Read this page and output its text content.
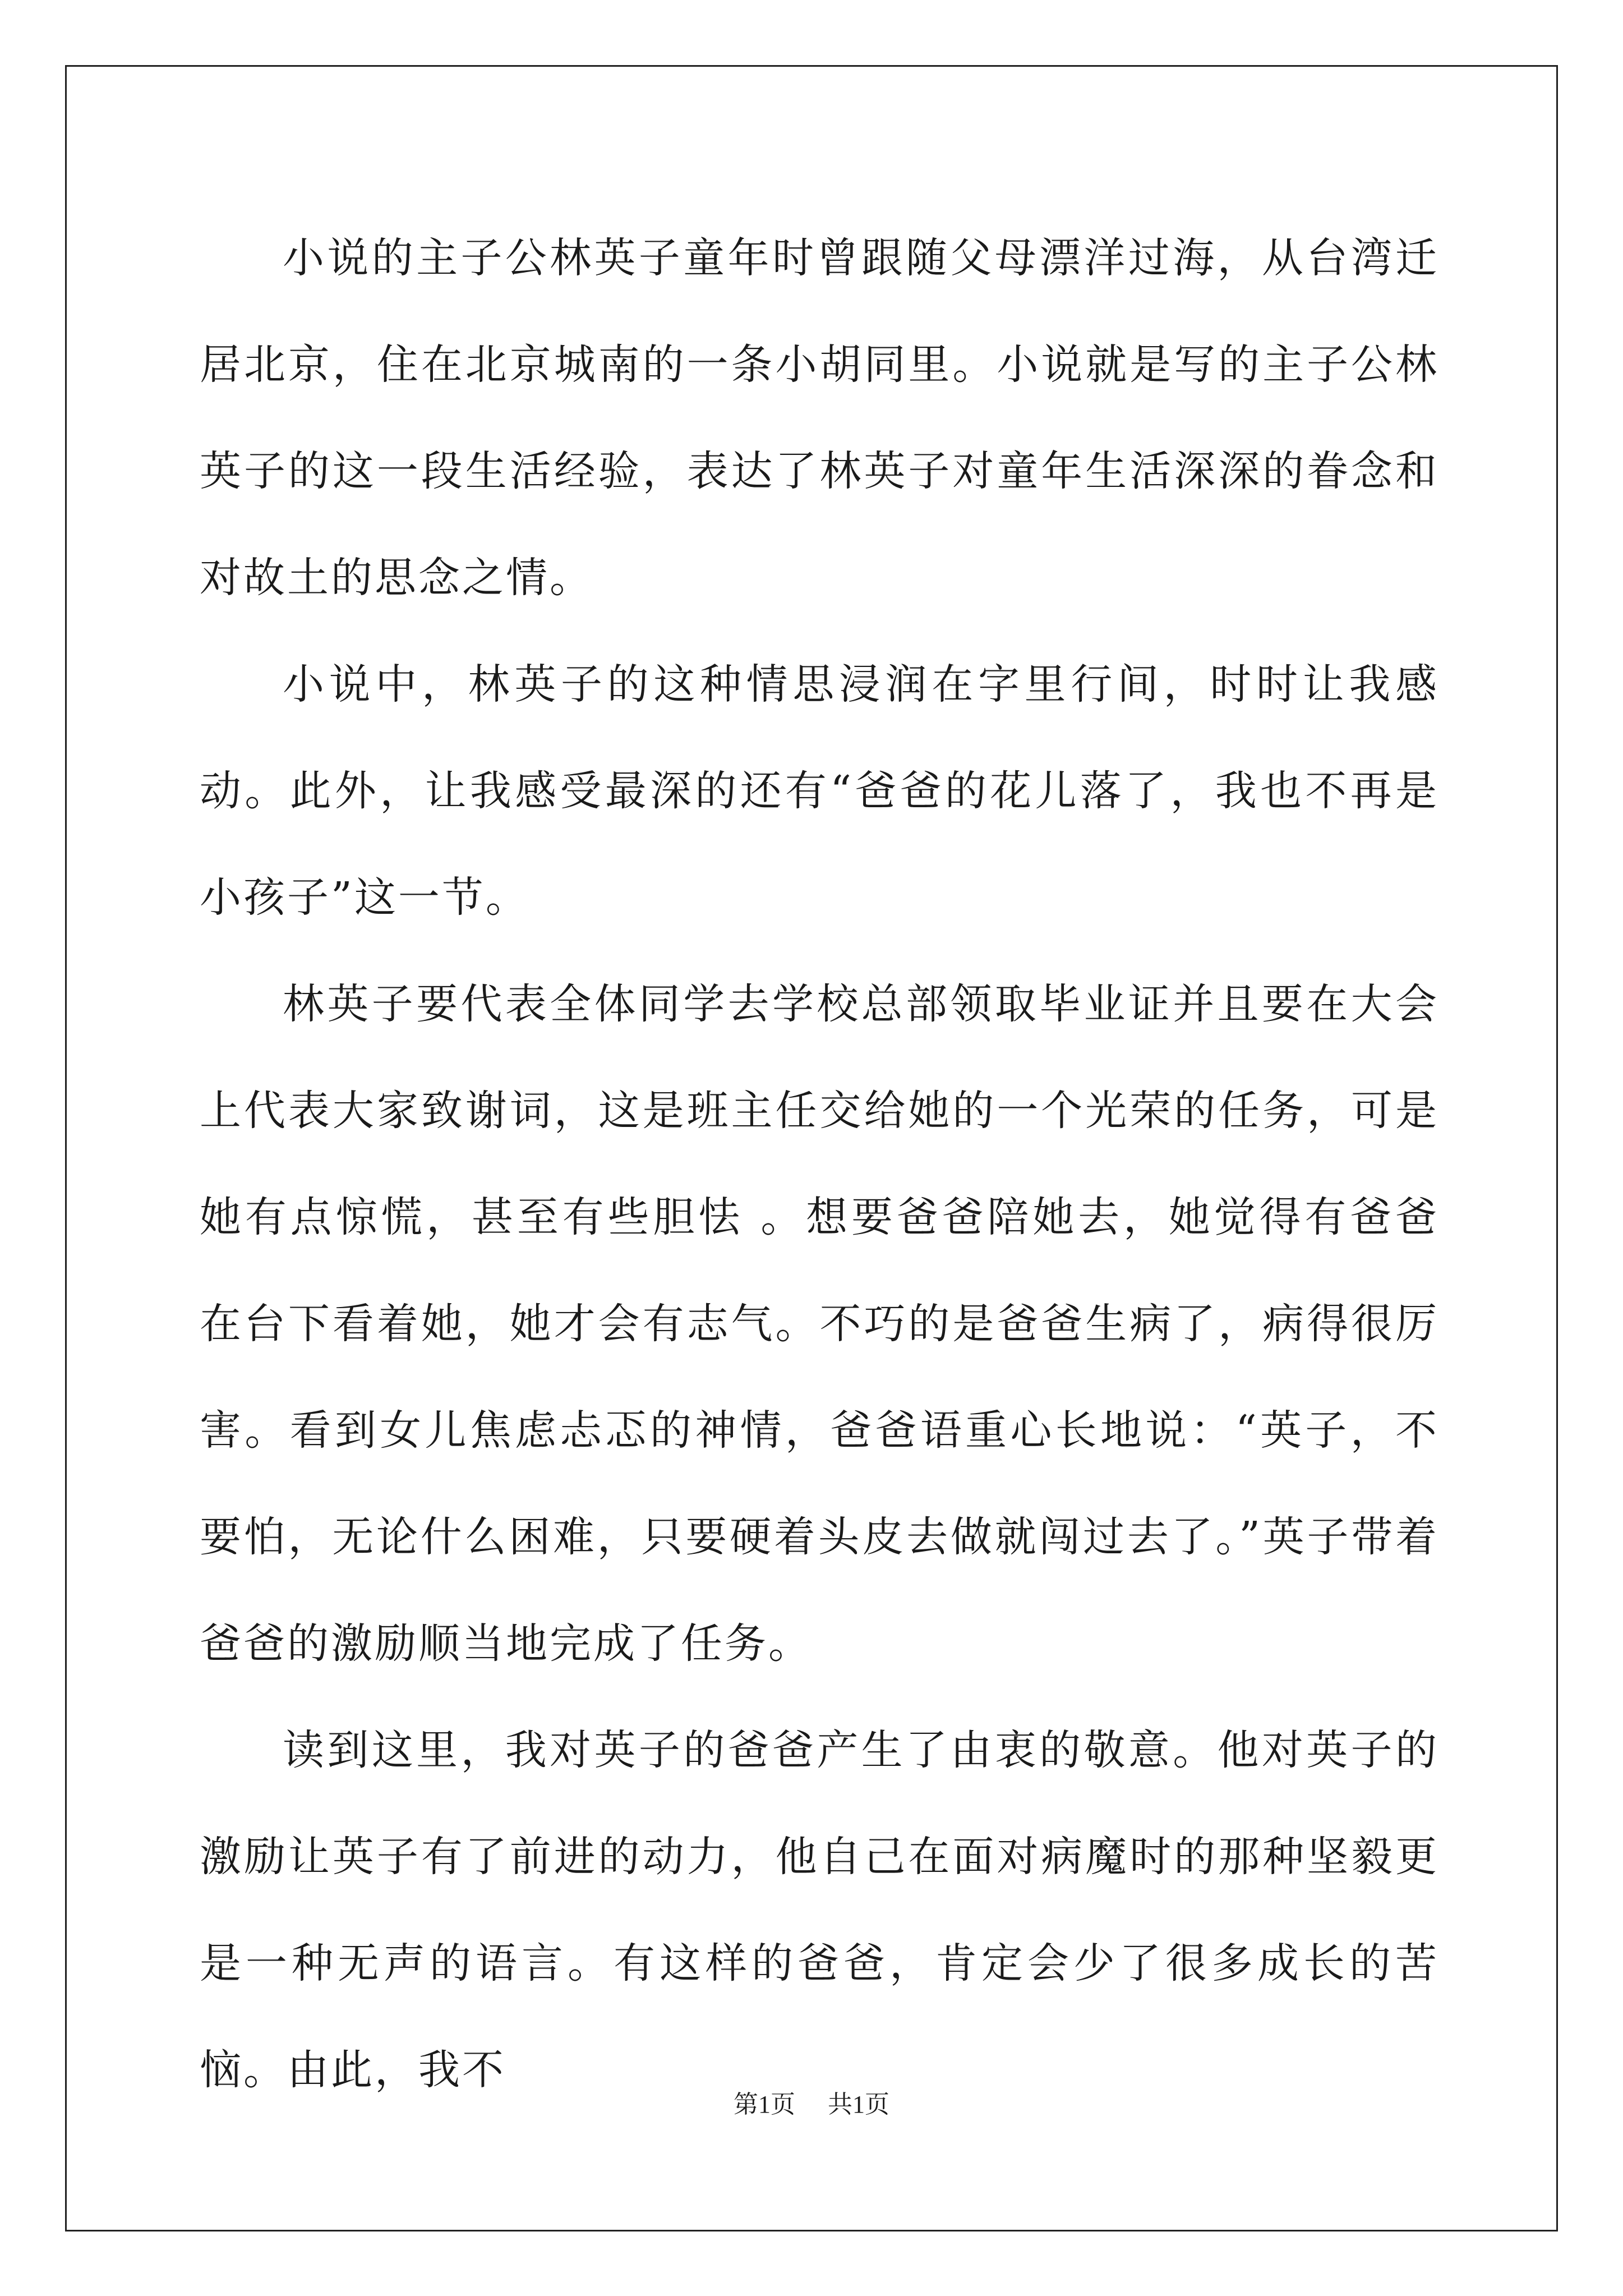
小说的主子公林英子童年时曾跟随父母漂洋过海，从台湾迁居北京，住在北京城南的一条小胡同里。小说就是写的主子公林英子的这一段生活经验，表达了林英子对童年生活深深的眷念和对故土的思念之情。

小说中，林英子的这种情思浸润在字里行间，时时让我感动。此外，让我感受最深的还有“爸爸的花儿落了，我也不再是小孩子”这一节。

林英子要代表全体同学去学校总部领取毕业证并且要在大会上代表大家致谢词，这是班主任交给她的一个光荣的任务，可是她有点惊慌，甚至有些胆怯 。想要爸爸陪她去，她觉得有爸爸在台下看着她，她才会有志气。不巧的是爸爸生病了，病得很厉害。看到女儿焦虑忐忑的神情，爸爸语重心长地说：“英子，不要怕，无论什么困难，只要硬着头皮去做就闯过去了。”英子带着爸爸的激励顺当地完成了任务。

读到这里，我对英子的爸爸产生了由衷的敬意。他对英子的激励让英子有了前进的动力，他自己在面对病魔时的那种坚毅更是一种无声的语言。有这样的爸爸，肯定会少了很多成长的苦恼。由此，我不

第1页 共1页
